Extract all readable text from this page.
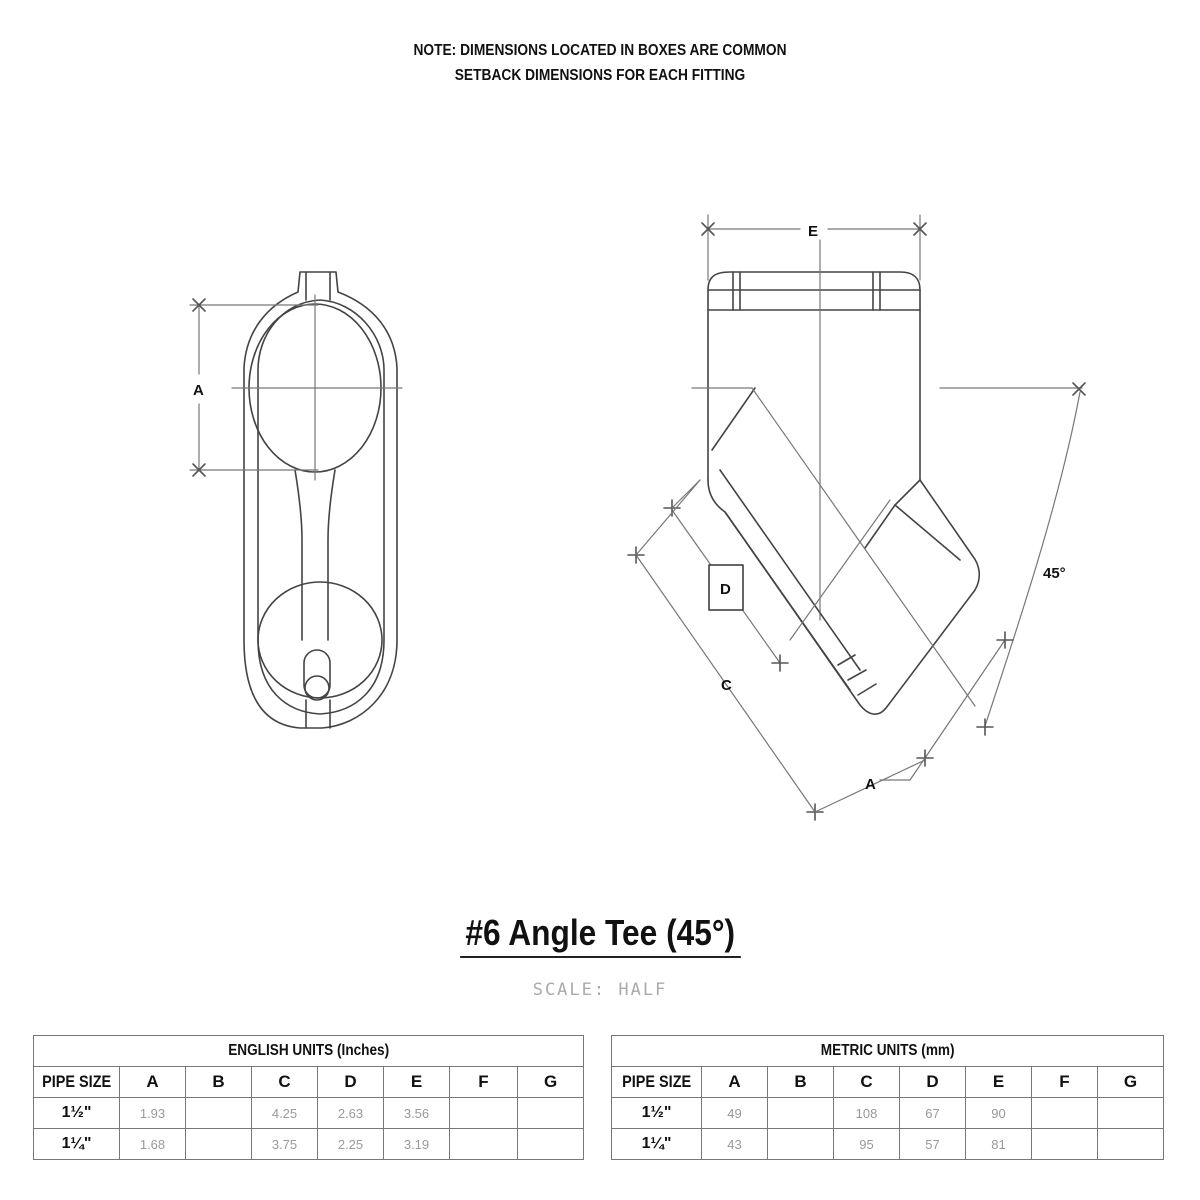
NOTE: DIMENSIONS LOCATED IN BOXES ARE COMMON
SETBACK DIMENSIONS FOR EACH FITTING
A
E
45°
D
C
A
#6 Angle Tee (45°)
SCALE: HALF
ENGLISH UNITS (Inches)							
PIPE SIZE	A	B	C	D	E	F	G
1½"	1.93		4.25	2.63	3.56		
1¼"	1.68		3.75	2.25	3.19		
METRIC UNITS (mm)							
PIPE SIZE	A	B	C	D	E	F	G
1½"	49		108	67	90		
1¼"	43		95	57	81		
